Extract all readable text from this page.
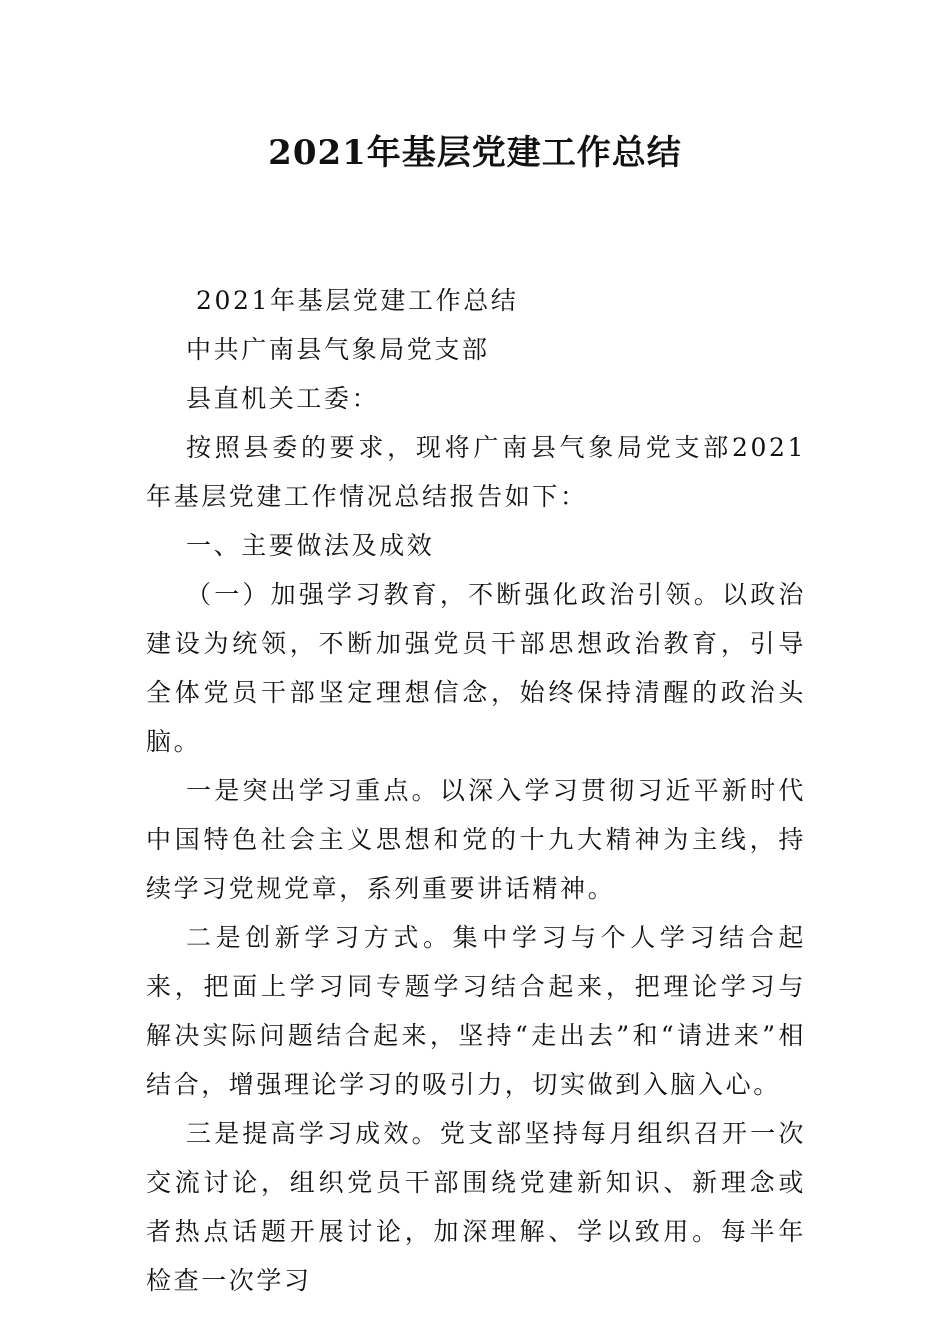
2021年基层党建工作总结

2021年基层党建工作总结

中共广南县气象局党支部

县直机关工委：

按照县委的要求，现将广南县气象局党支部2021年基层党建工作情况总结报告如下：

一、主要做法及成效

（一）加强学习教育，不断强化政治引领。以政治建设为统领，不断加强党员干部思想政治教育，引导全体党员干部坚定理想信念，始终保持清醒的政治头脑。

一是突出学习重点。以深入学习贯彻习近平新时代中国特色社会主义思想和党的十九大精神为主线，持续学习党规党章，系列重要讲话精神。

二是创新学习方式。集中学习与个人学习结合起来，把面上学习同专题学习结合起来，把理论学习与解决实际问题结合起来，坚持“走出去”和“请进来”相结合，增强理论学习的吸引力，切实做到入脑入心。

三是提高学习成效。党支部坚持每月组织召开一次交流讨论，组织党员干部围绕党建新知识、新理念或者热点话题开展讨论，加深理解、学以致用。每半年检查一次学习
